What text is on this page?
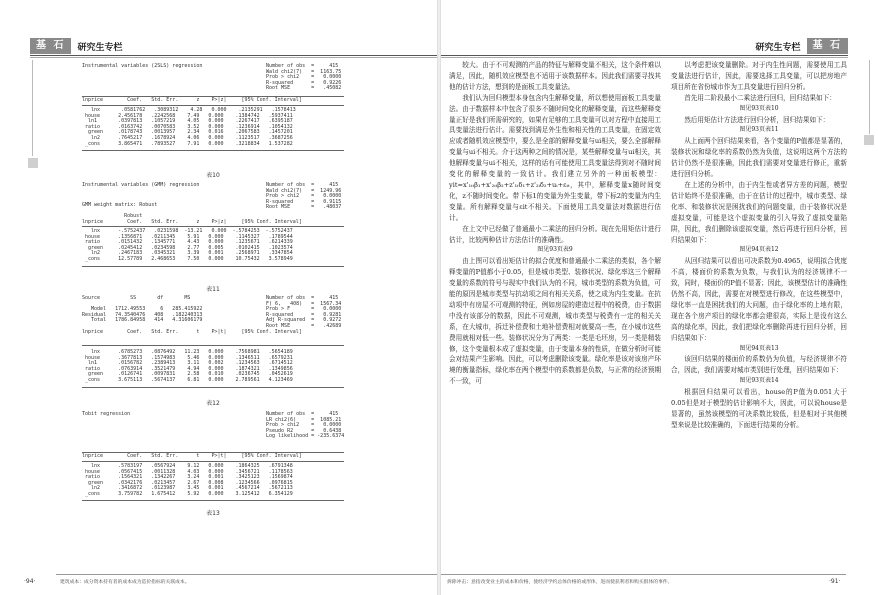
基 石	研究生专栏
Instrumental variables (2SLS) regression	Number of obs  =     415
Wald chi2(7)   =  1163.75
Prob > chi2    =   0.0000
R-squared      =   0.9226
Root MSE       =   .45082
lnprice        Coef.   Std. Err.      z    P>|z|     [95% Conf. Interval]
lnx       .0581762   .3089312    4.28   0.000    .2135291   .1578413
house      2.456178   .2242568    7.49   0.000    .1384742   .5937411
ln1       .0397813   .1057219    4.05   0.000    .2267417   .6395187
ratio      .0163742   .0070583    3.52   0.000    .1236914   .1054132
green     .0178743   .0013957    2.34   0.016    .2067583   .1457201
ln2      .7645217   .1678924    4.06   0.000    .1123517   .3687256
_cons      3.865471   .7893527    7.91   0.000    .3218834   1.537282
表10
Instrumental variables (GMM) regression	Number of obs  =     415
Wald chi2(7)   =  1249.96
Prob > chi2    =   0.0000
R-squared      =   0.9115
Root MSE       =   .48037
GMM weight matrix: Robust

Robust
lnprice        Coef.   Std. Err.      z    P>|z|     [95% Conf. Interval]
lnx      -.5752437   .0231598  -13.21   0.000  -.5784253  -.5752437
house      .1356871   .0211345    5.91   0.000    .1145327   .1789544
ratio      .0151432   .1345771    4.43   0.000    .1235671   .6214339
green     .0245412   .0234598    2.77   0.005    .0102415   .1023574
ln2      .2467183   .0345321    3.39   0.001    .2568971   .3347854
_cons      12.57789   2.468653    7.50   0.000    10.75432   3.578949
表11
Number of obs  =     415
F( 6,   408)   =  1567.34
Prob > F       =   0.0000
R-squared      =   0.9281
Adj R-squared  =   0.9272
Root MSE       =   .42689
Source          SS       df       MS

Model   1712.49553     6   285.415922
Residual   74.3540476   408   .182240313
Total   1786.84958   414   4.31606179

lnprice        Coef.   Std. Err.      t    P>|t|     [95% Conf. Interval]
lnx      .6785273   .0876492   11.23   0.000    .7568981   .5654189
house      .3677813   .1574983    5.46   0.000    .1346511   .6579231
ln1       .0156782   .2389413    3.11   0.002    .1234563   .6714512
ratio      .0763914   .3521479    4.94   0.000    .1874321   .1349856
green     .0126741   .0097831    2.58   0.010    .0236745   .0452619
_cons      3.675113   .5674137    6.81   0.000    2.789561   4.123469
表12
Tobit regression	Number of obs  =     415
LR chi2(6)     =  1085.21
Prob > chi2    =   0.0000
Pseudo R2      =   0.6438
Log likelihood = -235.6374
lnprice        Coef.   Std. Err.      t    P>|t|     [95% Conf. Interval]
lnx      .5783197   .0567924    9.12   0.000    .1864325   .6791348
house      .0567415   .0011328    4.03   0.000    .3456721   .1178563
ratio      .1564321   .1342267    3.24   0.001    .3425123   .1569874
green     .0342176   .0213457    2.67   0.008    .1234566   .0976815
ln2      .3416872   .0123987    3.45   0.001    .4567214   .5672113
_cons      3.759782   1.675412    5.92   0.000    3.125412   6.354129
表13
·94·	建筑成本：成分资本持有者的成本成为造价指标的关联成本。
研究生专栏	基 石

较大。由于不可观测的产品的特征与解释变量不相关，这个条件难以满足，因此，随机效应模型也不适用于该数据样本。因此我们需要寻找其他的估计方法，想到的是面板工具变量法。

我们认为回归模型本身包含内生解释变量，所以想使用面板工具变量法。由于数据样本中包含了很多不随时间变化的解释变量，而这些解释变量正好是我们所需研究的，如果有足够的工具变量可以对方程中直接用工具变量法进行估计。需要找到满足外生性和相关性的工具变量，在固定效应或者随机效应模型中，要么是全部的解释变量与ui相关，要么全部解释变量与ui不相关。介于这两种之间的情况是，某些解释变量与ui相关，其他解释变量与ui不相关，这样的话有可能使用工具变量法得到对不随时间变化的解释变量的一致估计。我们建立另外的一种面板模型：yit=x'₁ᵢₜβ₁+x'₂ᵢₜβ₂+z'₁ᵢδ₁+z'₂ᵢδ₂+uᵢ+εᵢₜ，其中，解释变量x随时间变化，z不随时间变化。带下标1的变量为外生变量，带下标2的变量为内生变量。所有解释变量与εit不相关。下面使用工具变量法对数据进行估计。

在上文中已经做了普通最小二乘法的回归分析。现在先用矩估计进行估计，比较两种估计方法估计的准确性。

图见93页表9

由上图可以看出矩估计的拟合优度和普通最小二乘法的类似，各个解释变量的P值都小于0.05，但是城市类型、装修状况、绿化率这三个解释变量的系数的符号与现实中我们认为的不同，城市类型的系数为负值，可能的原因是城市类型与抗动项之间有相关关系，使之成为内生变量。在抗动项中有房屋不可观测的特征，例如房屋的建造过程中的税费，由于数据中没有该部分的数据，因此不可观测，城市类型与税费有一定的相关关系，在大城市，拆迁补偿费和土地补偿费相对就要高一些，在小城市这些费用就相对低一些。装修状况分为了两类：一类是毛坯房，另一类是精装修，这个变量根本成了虚拟变量，由于变量本身的性质，在做分析时可能会对结果产生影响。因此，可以考虑删除该变量。绿化率是该对该房产环境的衡量指标，绿化率在两个模型中的系数都是负数，与正常的经济预期不一致，可

以考虑把该变量删除。对于内生性问题，需要使用工具变量法进行估计，因此，需要选择工具变量，可以把房地产项目所在省份城市作为工具变量进行回归分析。

首先用二阶段最小二乘法进行回归，回归结果如下：

图见93页表10

然后用矩估计方法进行回归分析，回归结果如下：

图见93页表11

从上面两个回归结果来看，各个变量的P值都是显著的，装修状况和绿化率的系数仍然为负值，这说明这两个方法的估计仍然不是很准确，因此我们需要对变量进行修正，重新进行回归分析。

在上述的分析中，由于内生性或者异方差的问题，模型估计始终不是很准确，由于在估计的过程中，城市类型、绿化率、和装修状况是困扰我们的问题变量，由于装修状况是虚拟变量，可能是这个虚拟变量的引入导致了虚拟变量陷阱，因此，我们删除该虚拟变量，然后再进行回归分析，回归结果如下：

图见94页表12

从回归结果可以看出可决系数为0.4965，说明拟合优度不高，楼面价的系数为负数，与我们认为的经济规律不一致，同时，楼面价的P值不显著；因此，该模型估计的准确性仍然不高，因此，需要在对模型进行修改，在这些模型中，绿化率一直是困扰我们的大问题，由于绿化率的上地有限，现在各个房产项目的绿化率都会建很高，实际上是没有这么高的绿化率，因此，我们把绿化率删除再进行回归分析，回归结果如下：

图见94页表13

该回归结果的楼面价的系数仍为负值，与经济规律不符合，因此，我们需要对城市类别进行处理，回归结果如下：

图见93页表14

根据回归结果可以看出，house的P值为0.051大于0.05但是对于模型的估计影响不大，因此，可以说house是显著的，虽然该模型的可决系数比较低，但是相对于其他模型来说是比较准确的，下面进行结果的分析。

拆除冲击：意指改变业主的成本和价格，使经济学约总体价格的或形体，进而使获利者和购买群体的事件。	·91·
